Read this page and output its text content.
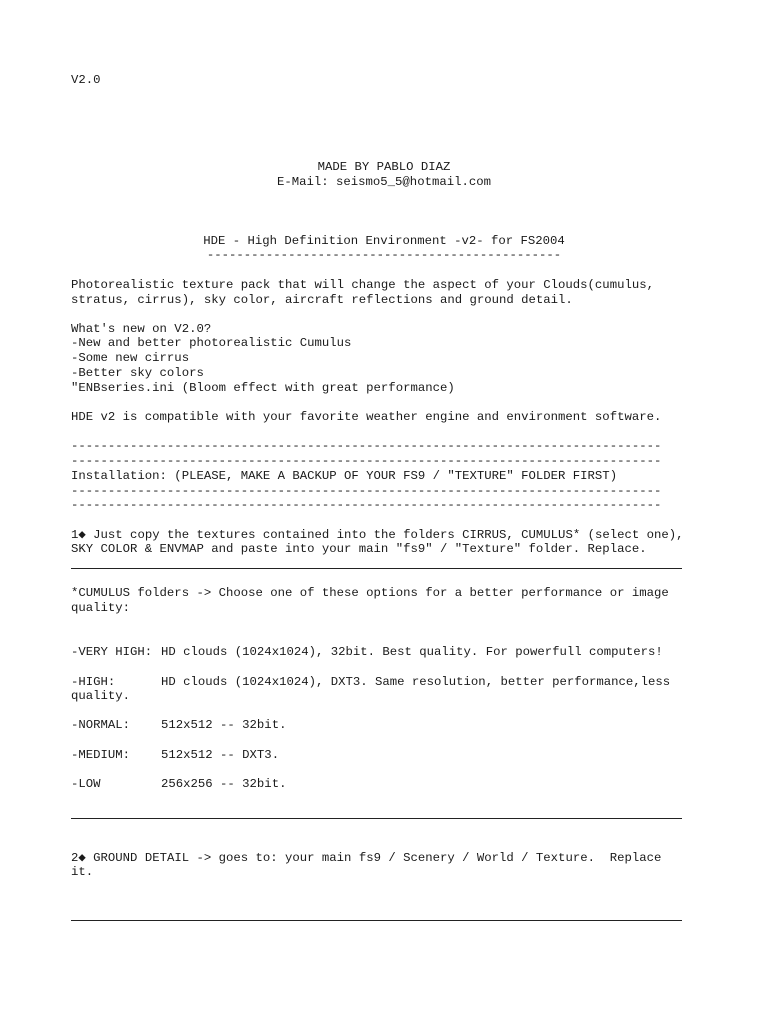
V2.0
MADE BY PABLO DIAZ
E-Mail: seismo5_5@hotmail.com
HDE - High Definition Environment -v2- for FS2004
------------------------------------------------
Photorealistic texture pack that will change the aspect of your Clouds(cumulus,
stratus, cirrus), sky color, aircraft reflections and ground detail.
What's new on V2.0?
-New and better photorealistic Cumulus
-Some new cirrus
-Better sky colors
"ENBseries.ini (Bloom effect with great performance)
HDE v2 is compatible with your favorite weather engine and environment software.
--------------------------------------------------------------------------------
--------------------------------------------------------------------------------
Installation: (PLEASE, MAKE A BACKUP OF YOUR FS9 / "TEXTURE" FOLDER FIRST)
--------------------------------------------------------------------------------
--------------------------------------------------------------------------------
1◆ Just copy the textures contained into the folders CIRRUS, CUMULUS* (select one),
SKY COLOR & ENVMAP and paste into your main "fs9" / "Texture" folder. Replace.
*CUMULUS folders -> Choose one of these options for a better performance or image
quality:
-VERY HIGH: HD clouds (1024x1024), 32bit. Best quality. For powerfull computers!
-HIGH:	HD clouds (1024x1024), DXT3. Same resolution, better performance,less
quality.
-NORMAL:	512x512 -- 32bit.
-MEDIUM:	512x512 -- DXT3.
-LOW	256x256 -- 32bit.
2◆ GROUND DETAIL -> goes to: your main fs9 / Scenery / World / Texture.  Replace
it.
